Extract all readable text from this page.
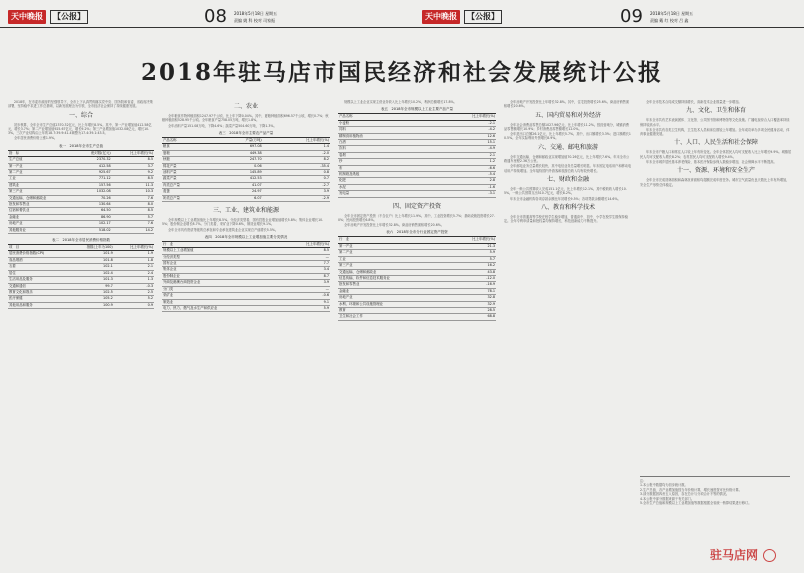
天中晚报	【公报】	08 2018年5月18日 星期五
责编 姚 科 校对 司家振	天中晚报	【公报】	09 2018年5月18日 星期五
责编 戴 红 校对 吕 鑫
2018年驻马店市国民经济和社会发展统计公报

2018年，在市委市政府的坚强领导下，全市上下认真贯彻落实党中央、国务院和省委、省政府决策部署，坚持稳中求进工作总基调，以新发展理念为引领，全市经济社会保持了持续健康发展。

一、综合

初步核算，全年全市生产总值2370.32亿元，比上年增长8.5%。其中，第一产业增加值412.58亿元，增长3.7%；第二产业增加值925.67亿元，增长9.2%；第三产业增加值1032.08亿元，增长10.3%。三次产业结构由上年的18.7:39.9:41.4调整为17.4:39.1:43.5。

全年居民消费价格上涨1.9%。

表一　2018年全市生产总值
指　标	绝对数(亿元)	比上年增长(%)
生产总值	2370.32	8.5
第一产业	412.58	3.7
第二产业	925.67	9.2
工业	771.12	8.5
建筑业	157.56	11.3
第三产业	1032.08	10.3
交通运输、仓储和邮政业	70.26	7.6
批发和零售业	130.64	8.0
住宿和餐饮业	64.50	8.5
金融业	86.90	5.7
房地产业	102.17	7.6
其他服务业	518.02	14.2
表二　2018年全市居民消费价格指数
项　目	指数(上年为100)	比上年增长(%)
居民消费价格指数(CPI)	101.9	1.9
食品烟酒	101.8	1.8
衣着	102.1	2.1
居住	102.4	2.4
生活用品及服务	101.3	1.3
交通和通信	99.7	-0.3
教育文化和娱乐	102.5	2.5
医疗保健	105.2	5.2
其他用品和服务	100.9	0.9
二、农业

全年粮食作物种植面积1247.97千公顷，比上年下降0.04%。其中，夏粮种植面积696.57千公顷，增长0.7%；秋粮种植面积528.95千公顷。全年粮食产量758.05万吨，增长1.8%。

全年油料产量151.08万吨，下降4.6%；蔬菜产量504.60万吨，下降1.3%。

表三　2018年全市主要农产品产量
产品名称	产量(万吨)	比上年增长(%)
粮食	697.08	1.4
夏粮	449.38	-2.0
秋粮	247.70	8.2
棉花产量	0.06	-35.4
油料产量	145.89	0.8
蔬菜产量	412.53	0.7
肉类总产量	41.07	-2.7
禽蛋	24.97	3.9
奶类总产量	6.07	-2.9
三、工业、建筑业和能源

全年规模以上工业增加值比上年增长8.5%。分经济类型看，国有控股企业增加值增长5.8%；集体企业增长10.5%；股份制企业增长8.7%。分门类看，采矿业下降0.6%，制造业增长9.1%。

全年全市具有资质等级的总承包和专业承包建筑业企业实现总产值增长5.5%。

表四　2018年全市规模以上工业增加值主要分类情况
行　业	比上年增长(%)
规模以上工业增加值	8.5
分经济类型	—
国有企业	7.7
集体企业	3.4
股份制企业	8.7
外商及港澳台商投资企业	3.9
分门类	—
采矿业	-0.6
制造业	9.1
电力、热力、燃气及水生产和供应业	5.9

规模以上工业企业实现主营业务收入比上年增长10.2%，利润总额增长17.8%。

表五　2018年全市规模以上工业主要产品产量
产品名称	比上年增长(%)
小麦粉	-2.1
饲料	-4.2
精制食用植物油	12.6
白酒	15.1
饮料	-4.9
卷烟	2.1
纱	1.2
布	-6.6
机制纸及纸板	-5.4
化肥	2.8
水泥	-1.6
发电量	-3.1
四、固定资产投资

全年全市固定资产投资（不含农户）比上年增长11.9%。其中，工业投资增长5.7%；基础设施投资增长27.0%；民间投资增长6.8%。

全年房地产开发投资比上年增长32.8%。商品房销售面积增长20.6%。

表六　2018年全市分行业固定资产投资
行　业	比上年增长(%)
第一产业	21.3
第二产业	5.9
工业	5.7
第三产业	16.2
交通运输、仓储和邮政业	43.8
信息传输、软件和信息技术服务业	-12.0
批发和零售业	-16.9
金融业	78.1
房地产业	32.8
水利、环境和公共设施管理业	32.9
教育	28.5
卫生和社会工作	68.8

全年房地产开发投资比上年增长32.8%。其中，住宅投资增长25.6%。商品房销售面积增长20.6%。

五、国内贸易和对外经济

全年社会消费品零售总额1027.96亿元，比上年增长11.2%。按经营地分，城镇消费品零售额增长10.9%；乡村消费品零售额增长12.0%。

全年进出口总额26.1亿元，比上年增长5.7%。其中，出口额增长3.3%；进口额增长10.5%。全年实际利用外资增长8.9%。

六、交通、邮电和旅游

全年交通运输、仓储和邮政业实现增加值70.26亿元，比上年增长7.6%。年末全市公路通车里程2.36万公里。

全年邮电业务总量增长较快，其中电信业务总量增长明显。年末固定电话用户和移动电话用户持续增加。全年接待国内外游客和旅游总收入均有较快增长。

七、财政和金融

全年一般公共预算收入完成151.1亿元，比上年增长12.1%。其中税收收入增长10.5%。一般公共预算支出510.7亿元，增长8.2%。

年末全市金融机构各项存款余额比年初增长9.5%；各项贷款余额增长14.6%。

八、教育和科学技术

全年全市普通高等学校在校学生稳步增加，普通高中、初中、小学在校学生数保持稳定。全年专利申请量和授权量均保持增长，科技创新能力不断提升。

全年全市技术合同成交额持续增长，高新技术企业数量进一步增加。

九、文化、卫生和体育

年末全市共有艺术表演团体、文化馆、公共图书馆和博物馆等文化设施。广播电视综合人口覆盖率持续保持较高水平。

年末全市共有各类卫生机构，卫生技术人员和床位数较上年增加。全年成功举办多项全民健身活动，体育事业健康发展。

十、人口、人民生活和社会保障

年末全市户籍人口和常住人口较上年有所变化。全年全体居民人均可支配收入比上年增长9.9%。城镇居民人均可支配收入增长8.2%；农村居民人均可支配收入增长9.4%。

年末全市城乡居民基本养老保险、基本医疗保险参保人数稳步增加，社会保障水平不断提高。

十一、资源、环境和安全生产

全年全市完成造林面积和森林抚育面积均超额完成年度任务。城市空气质量优良天数比上年有所增加，安全生产形势总体稳定。

注：
1.本公报中数据均为初步统计数。
2.生产总值、各产业增加值按当年价格计算，增长速度按可比价格计算。
3.部分数据因四舍五入原因，存在总计与分项合计不等的情况。
4.本公报中部分数据来源于有关部门。
5.全市生产总值和规模以上工业增加值等数据根据全省统一核算结果进行修订。
驻马店网
